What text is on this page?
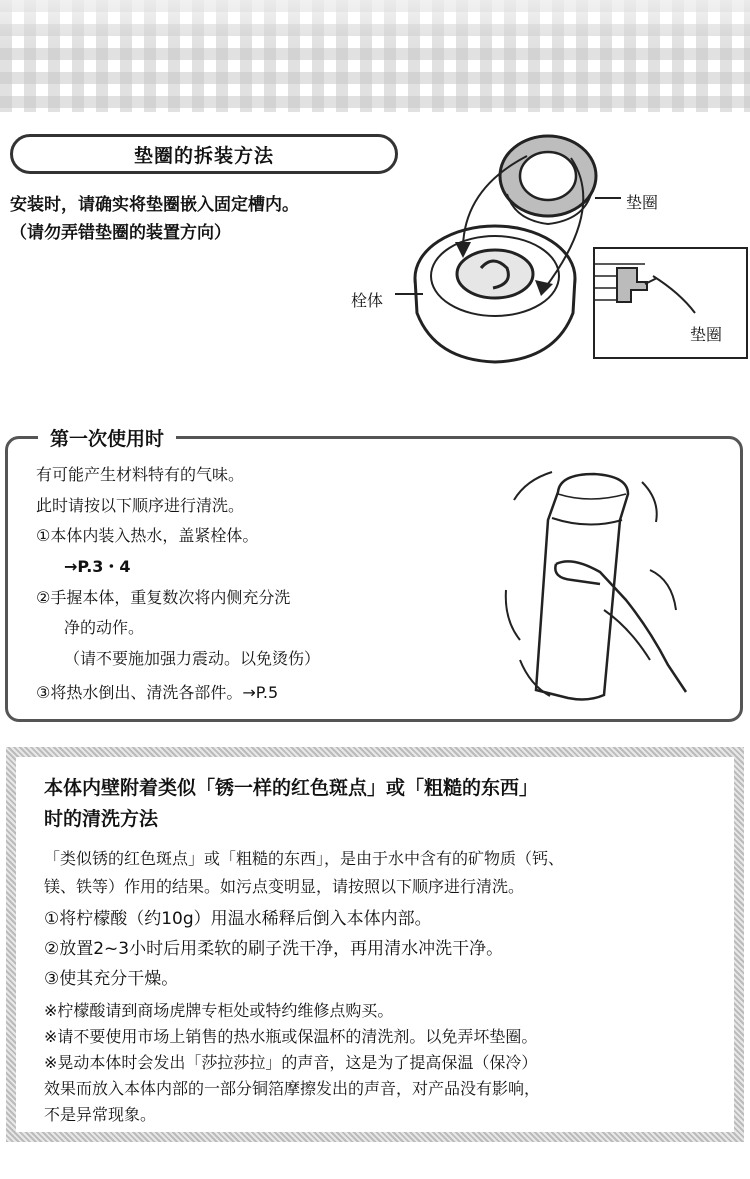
垫圈的拆装方法
安装时，请确实将垫圈嵌入固定槽内。
（请勿弄错垫圈的装置方向）
垫圈
栓体
垫圈
第一次使用时
有可能产生材料特有的气味。
此时请按以下顺序进行清洗。
①本体内装入热水，盖紧栓体。
→P.3・4
②手握本体，重复数次将内侧充分洗
净的动作。
（请不要施加强力震动。以免烫伤）
③将热水倒出、清洗各部件。→P.5
本体内壁附着类似「锈一样的红色斑点」或「粗糙的东西」
时的清洗方法
「类似锈的红色斑点」或「粗糙的东西」，是由于水中含有的矿物质（钙、
镁、铁等）作用的结果。如污点变明显，请按照以下顺序进行清洗。
①将柠檬酸（约10g）用温水稀释后倒入本体内部。
②放置2~3小时后用柔软的刷子洗干净，再用清水冲洗干净。
③使其充分干燥。
※柠檬酸请到商场虎牌专柜处或特约维修点购买。
※请不要使用市场上销售的热水瓶或保温杯的清洗剂。以免弄坏垫圈。
※晃动本体时会发出「莎拉莎拉」的声音，这是为了提高保温（保冷）
效果而放入本体内部的一部分铜箔摩擦发出的声音，对产品没有影响，
不是异常现象。
